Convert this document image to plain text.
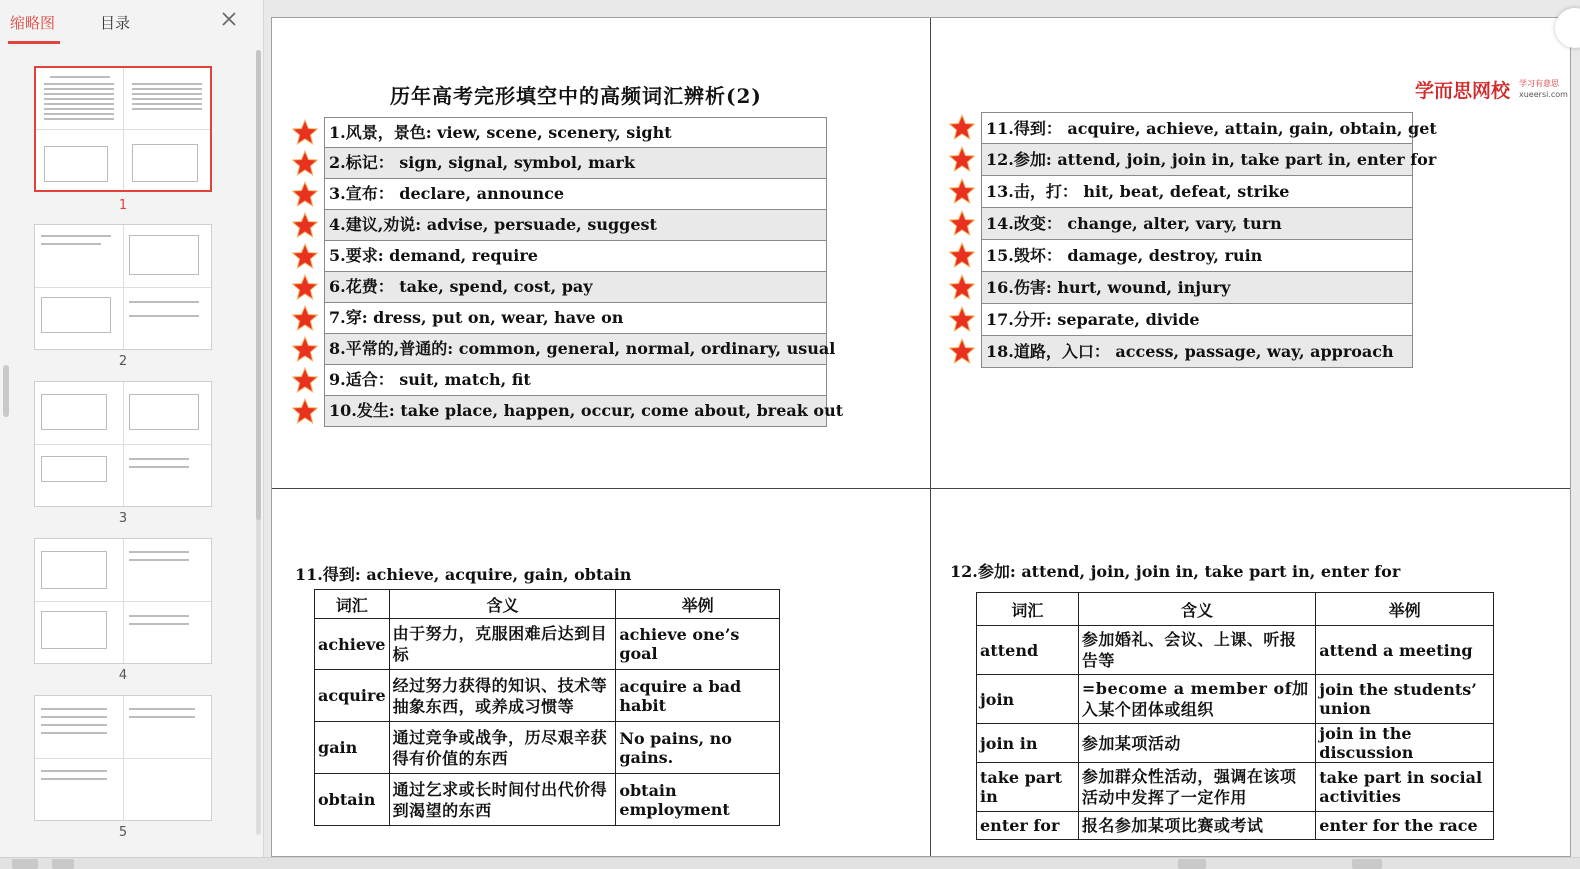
缩略图	目录
1
2
3
4
5
历年高考完形填空中的高频词汇辨析(2)	学而思网校 学习有意思
xueersi.com
1.风景，景色: view, scene, scenery, sight
2.标记： sign, signal, symbol, mark
3.宣布： declare, announce
4.建议,劝说: advise, persuade, suggest
5.要求: demand, require
6.花费： take, spend, cost, pay
7.穿: dress, put on, wear, have on
8.平常的,普通的: common, general, normal, ordinary, usual
9.适合： suit, match, fit
10.发生: take place, happen, occur, come about, break out
11.得到： acquire, achieve, attain, gain, obtain, get
12.参加: attend, join, join in, take part in, enter for
13.击，打： hit, beat, defeat, strike
14.改变： change, alter, vary, turn
15.毁坏： damage, destroy, ruin
16.伤害: hurt, wound, injury
17.分开: separate, divide
18.道路，入口： access, passage, way, approach
11.得到: achieve, acquire, gain, obtain
词汇	含义	举例
achieve	由于努力，克服困难后达到目标	achieve one’s goal
acquire	经过努力获得的知识、技术等抽象东西，或养成习惯等	acquire a bad habit
gain	通过竞争或战争，历尽艰辛获得有价值的东西	No pains, no gains.
obtain	通过乞求或长时间付出代价得到渴望的东西	obtain employment
12.参加: attend, join, join in, take part in, enter for
词汇	含义	举例
attend	参加婚礼、会议、上课、听报告等	attend a meeting
join	=become a member of加入某个团体或组织	join the students’ union
join in	参加某项活动	join in the discussion
take part in	参加群众性活动，强调在该项活动中发挥了一定作用	take part in social activities
enter for	报名参加某项比赛或考试	enter for the race
